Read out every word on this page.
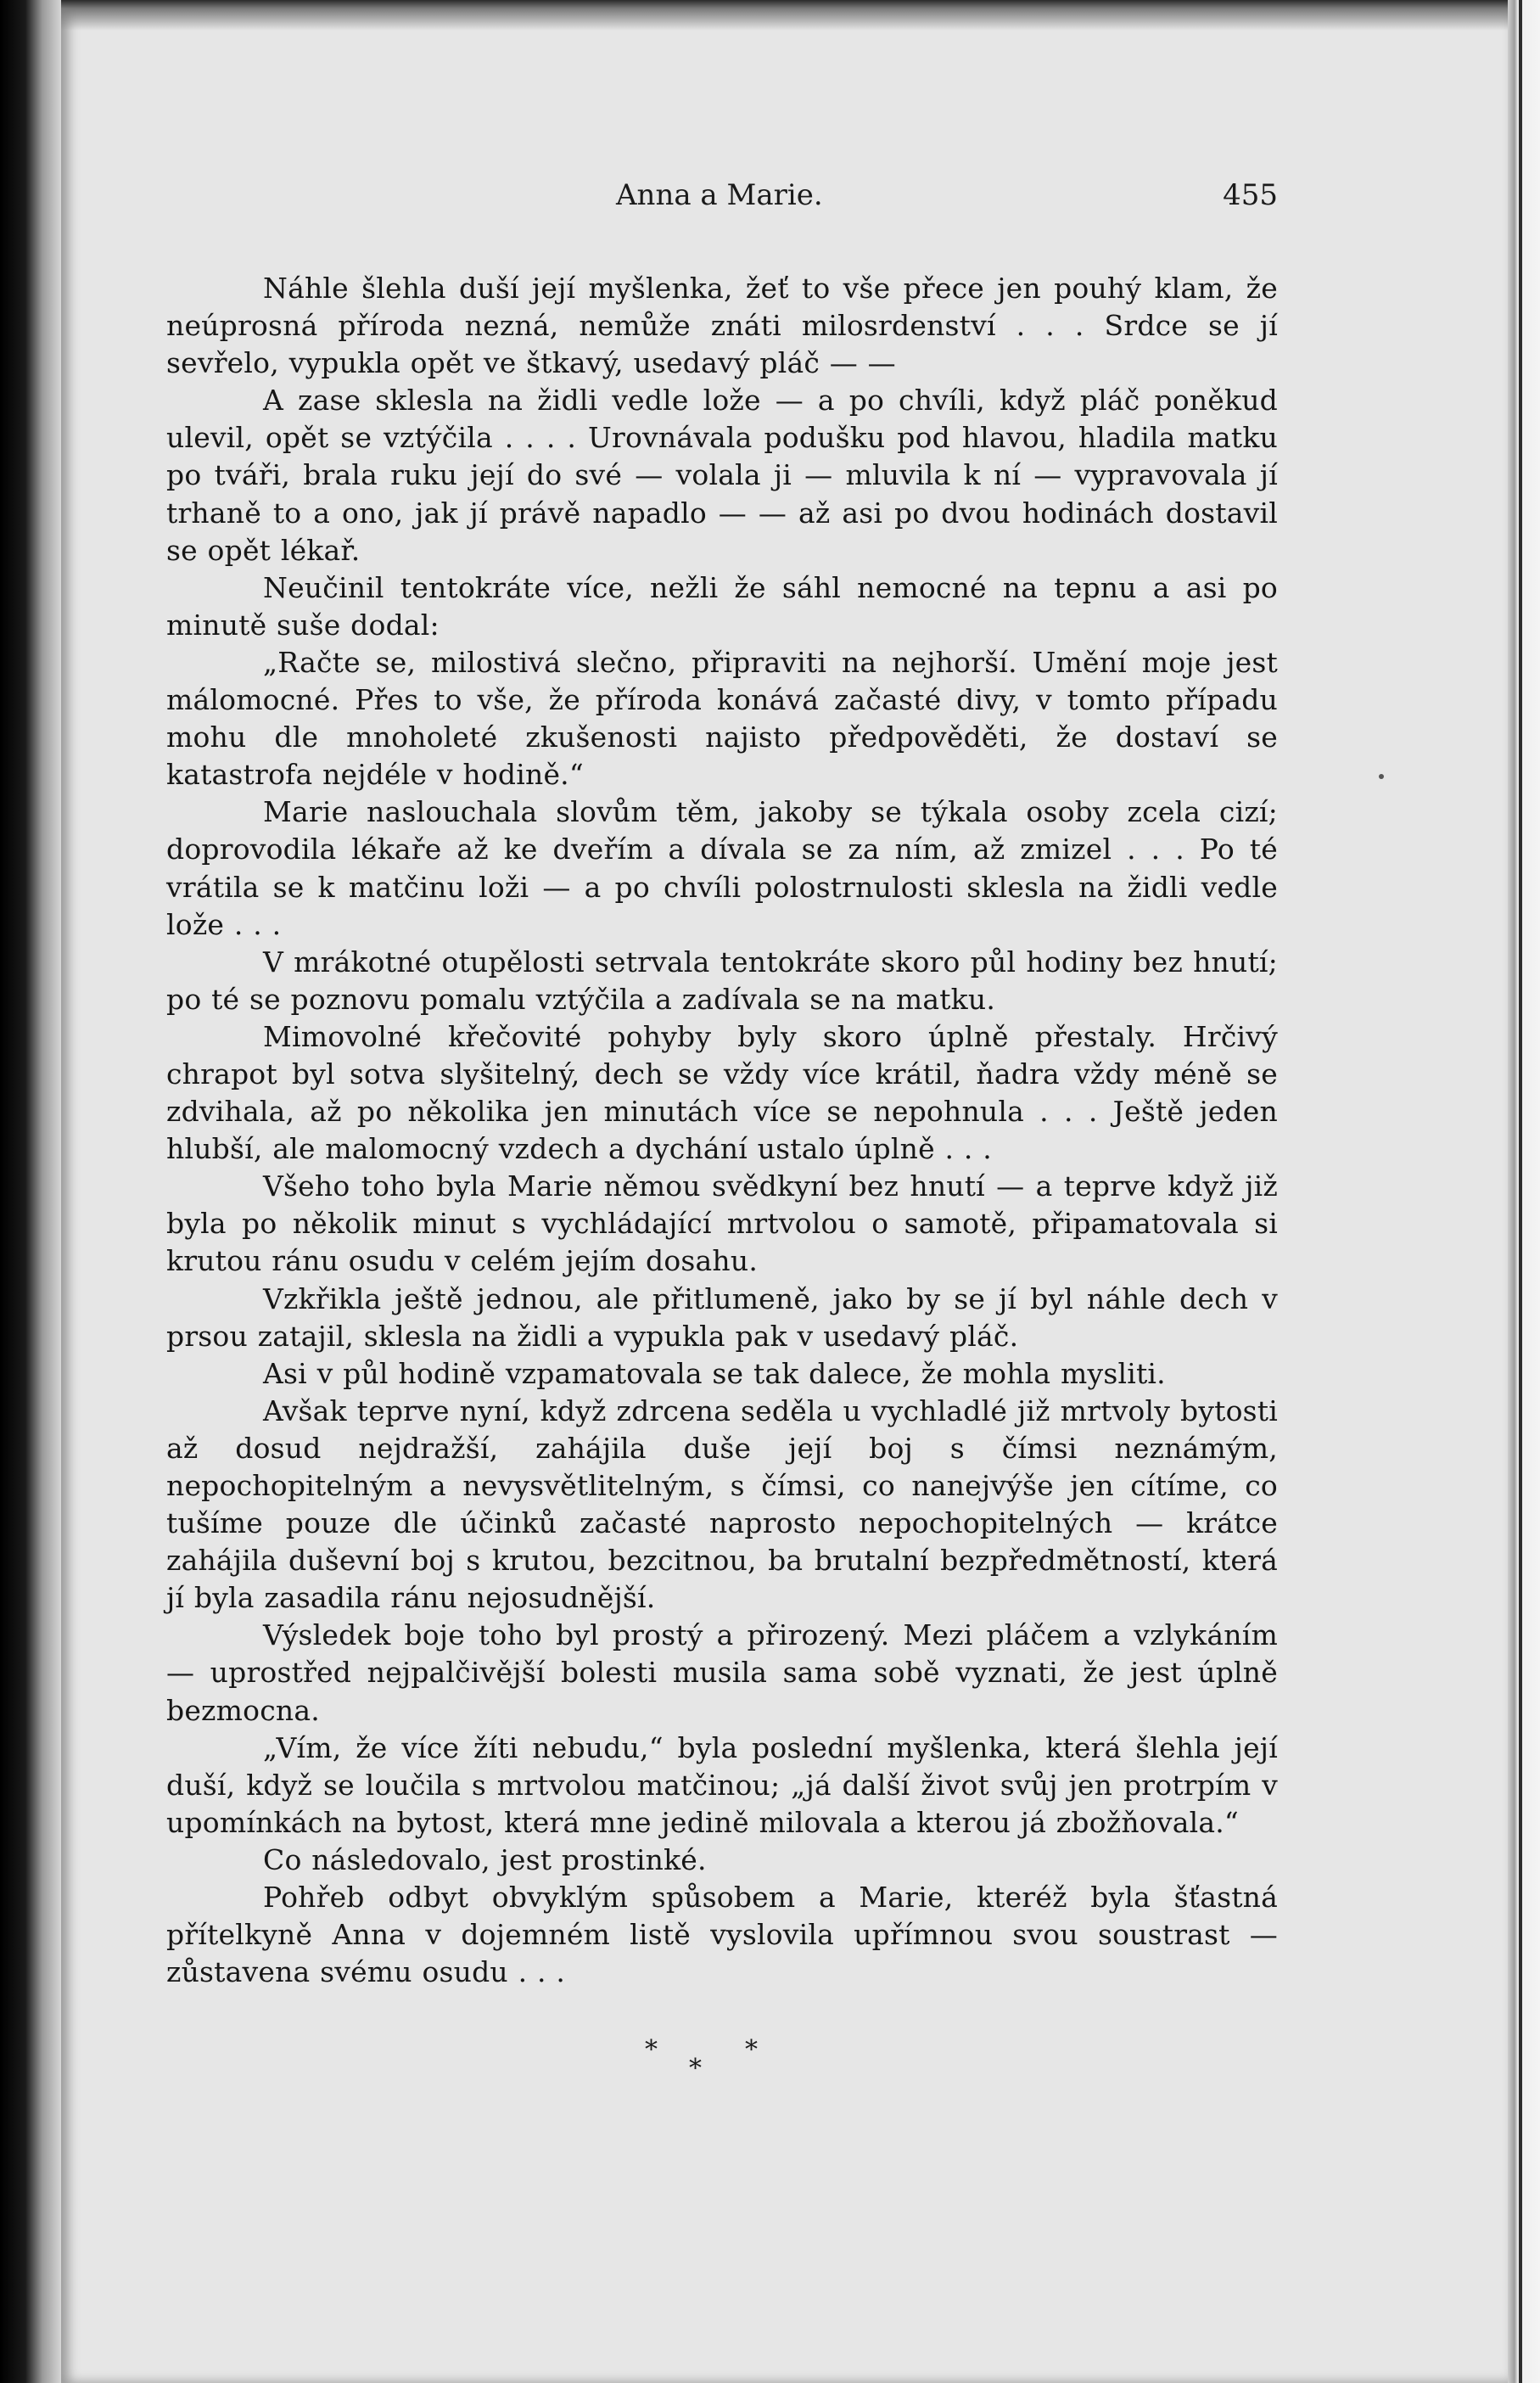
Anna a Marie.	455

Náhle šlehla duší její myšlenka, žeť to vše přece jen pouhý klam, že neúprosná příroda nezná, nemůže znáti milosrdenství . . . Srdce se jí sevřelo, vypukla opět ve štkavý, usedavý pláč — —

A zase sklesla na židli vedle lože — a po chvíli, když pláč poněkud ulevil, opět se vztýčila . . . . Urovnávala podušku pod hlavou, hladila matku po tváři, brala ruku její do své — volala ji — mluvila k ní — vypravovala jí trhaně to a ono, jak jí právě napadlo — — až asi po dvou hodinách dostavil se opět lékař.

Neučinil tentokráte více, nežli že sáhl nemocné na tepnu a asi po minutě suše dodal:

„Račte se, milostivá slečno, připraviti na nejhorší. Umění moje jest málomocné. Přes to vše, že příroda konává začasté divy, v tomto případu mohu dle mnoholeté zkušenosti najisto předpověděti, že dostaví se katastrofa nejdéle v hodině.“

Marie naslouchala slovům těm, jakoby se týkala osoby zcela cizí; doprovodila lékaře až ke dveřím a dívala se za ním, až zmizel . . . Po té vrátila se k matčinu loži — a po chvíli polostrnulosti sklesla na židli vedle lože . . .

V mrákotné otupělosti setrvala tentokráte skoro půl hodiny bez hnutí; po té se poznovu pomalu vztýčila a zadívala se na matku.

Mimovolné křečovité pohyby byly skoro úplně přestaly. Hrčivý chrapot byl sotva slyšitelný, dech se vždy více krátil, ňadra vždy méně se zdvihala, až po několika jen minutách více se nepohnula . . . Ještě jeden hlubší, ale malomocný vzdech a dychání ustalo úplně . . .

Všeho toho byla Marie němou svědkyní bez hnutí — a teprve když již byla po několik minut s vychládající mrtvolou o samotě, připamatovala si krutou ránu osudu v celém jejím dosahu.

Vzkřikla ještě jednou, ale přitlumeně, jako by se jí byl náhle dech v prsou zatajil, sklesla na židli a vypukla pak v usedavý pláč.

Asi v půl hodině vzpamatovala se tak dalece, že mohla mysliti.

Avšak teprve nyní, když zdrcena seděla u vychladlé již mrtvoly bytosti až dosud nejdražší, zahájila duše její boj s čímsi neznámým, nepochopitelným a nevysvětlitelným, s čímsi, co nanejvýše jen cítíme, co tušíme pouze dle účinků začasté naprosto nepochopitelných — krátce zahájila duševní boj s krutou, bezcitnou, ba brutalní bezpředmětností, která jí byla zasadila ránu nejosudnější.

Výsledek boje toho byl prostý a přirozený. Mezi pláčem a vzlykáním — uprostřed nejpalčivější bolesti musila sama sobě vyznati, že jest úplně bezmocna.

„Vím, že více žíti nebudu,“ byla poslední myšlenka, která šlehla její duší, když se loučila s mrtvolou matčinou; „já další život svůj jen protrpím v upomínkách na bytost, která mne jedině milovala a kterou já zbožňovala.“

Co následovalo, jest prostinké.

Pohřeb odbyt obvyklým spůsobem a Marie, kteréž byla šťastná přítelkyně Anna v dojemném listě vyslovila upřímnou svou soustrast — zůstavena svému osudu . . .

*
*
*
